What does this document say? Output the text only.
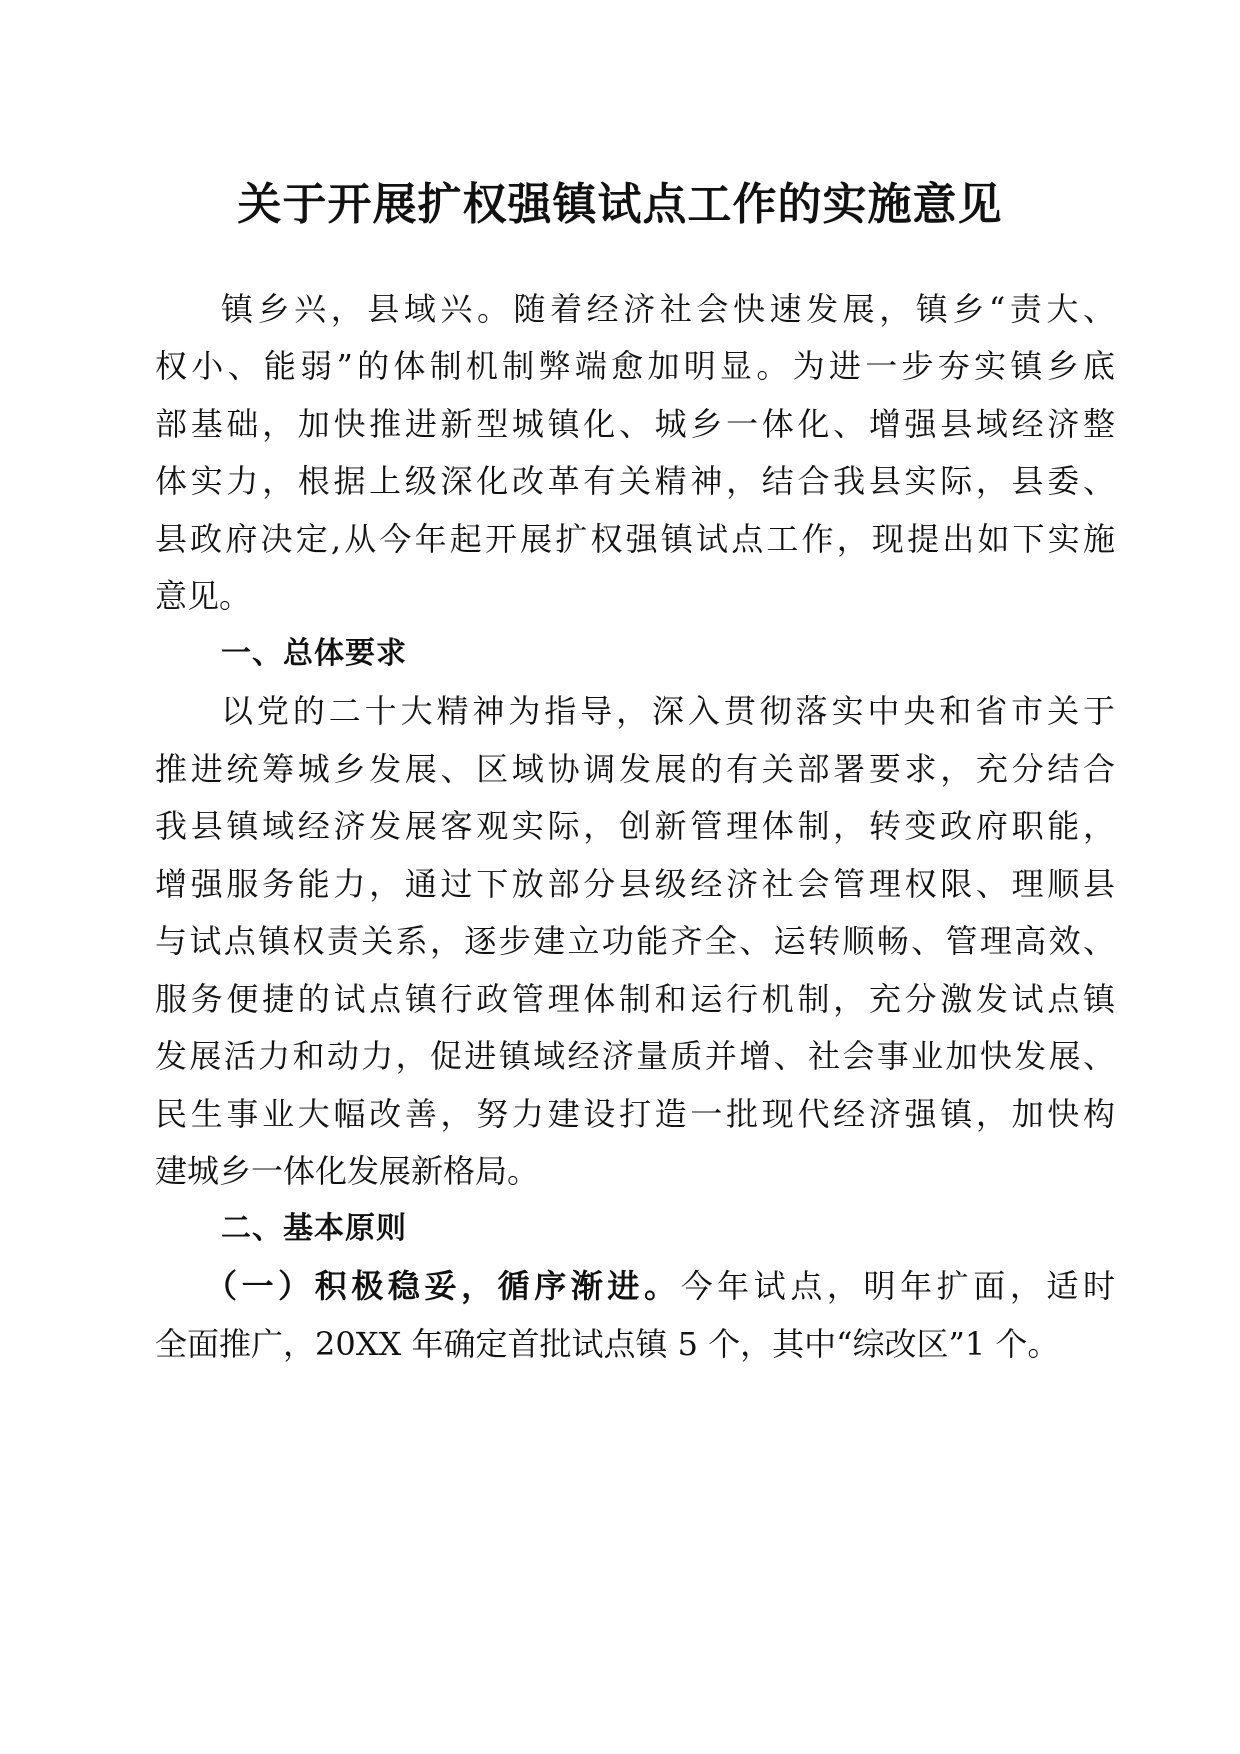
关于开展扩权强镇试点工作的实施意见

镇乡兴，县域兴。随着经济社会快速发展，镇乡“责大、

权小、能弱”的体制机制弊端愈加明显。为进一步夯实镇乡底

部基础，加快推进新型城镇化、城乡一体化、增强县域经济整

体实力，根据上级深化改革有关精神，结合我县实际，县委、

县政府决定,从今年起开展扩权强镇试点工作，现提出如下实施

意见。

一、总体要求

以党的二十大精神为指导，深入贯彻落实中央和省市关于

推进统筹城乡发展、区域协调发展的有关部署要求，充分结合

我县镇域经济发展客观实际，创新管理体制，转变政府职能，

增强服务能力，通过下放部分县级经济社会管理权限、理顺县

与试点镇权责关系，逐步建立功能齐全、运转顺畅、管理高效、

服务便捷的试点镇行政管理体制和运行机制，充分激发试点镇

发展活力和动力，促进镇域经济量质并增、社会事业加快发展、

民生事业大幅改善，努力建设打造一批现代经济强镇，加快构

建城乡一体化发展新格局。

二、基本原则

（一）积极稳妥，循序渐进。今年试点，明年扩面，适时

全面推广，20XX 年确定首批试点镇 5 个，其中“综改区”1 个。
